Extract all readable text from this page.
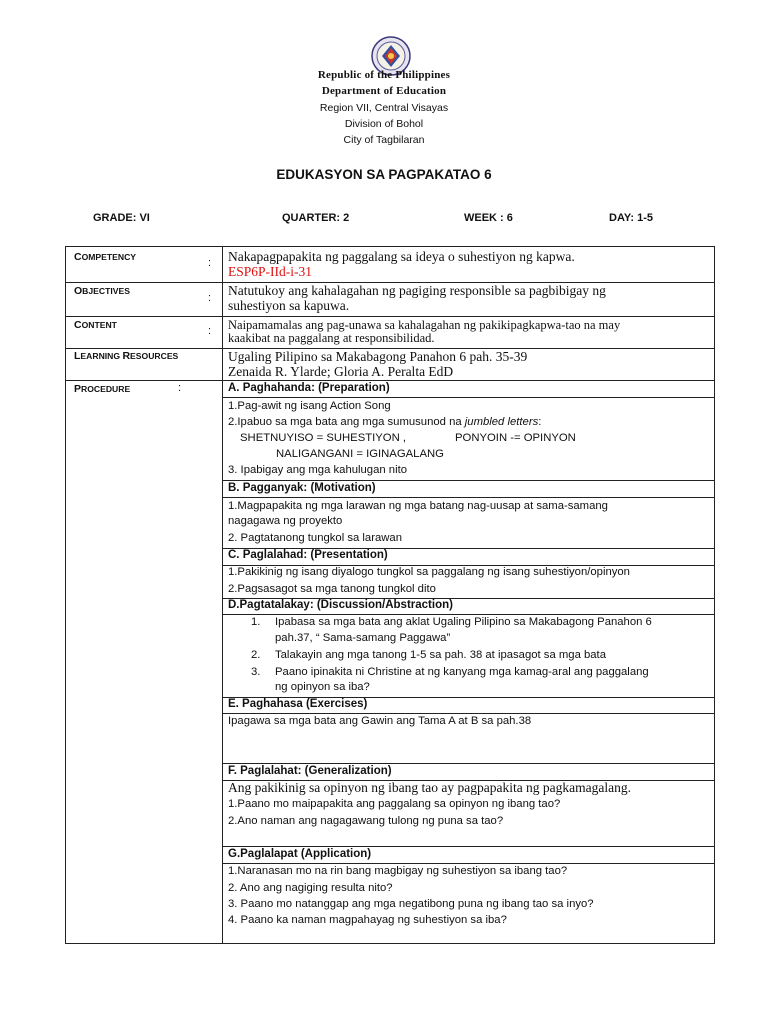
Republic of the Philippines
Department of Education
Region VII, Central Visayas
Division of Bohol
City of Tagbilaran
EDUKASYON SA PAGPAKATAO 6
GRADE: VI	QUARTER: 2	WEEK : 6	DAY: 1-5
COMPETENCY	: Nakapagpapakita ng paggalang sa ideya o suhestiyon ng kapwa.
ESP6P-IId-i-31
OBJECTIVES
: Natutukoy ang kahalagahan ng pagiging responsible sa pagbibigay ng
suhestiyon sa kapuwa.
CONTENT	: Naipamamalas ang pag-unawa sa kahalagahan ng pakikipagkapwa-tao na may
kaakibat na paggalang at responsibilidad.
LEARNING RESOURCES	Ugaling Pilipino sa Makabagong Panahon 6 pah. 35-39
Zenaida R. Ylarde; Gloria A. Peralta EdD
PROCEDURE	:	A. Paghahanda: (Preparation)
1.Pag-awit ng isang Action Song
2.Ipabuo sa mga bata ang mga sumusunod na jumbled letters:
SHETNUYISO = SUHESTIYON ,	PONYOIN -= OPINYON
NALIGANGANI = IGINAGALANG
3. Ipabigay ang mga kahulugan nito
B. Pagganyak: (Motivation)
1.Magpapakita ng mga larawan ng mga batang nag-uusap at sama-samang
nagagawa ng proyekto
2. Pagtatanong tungkol sa larawan
C. Paglalahad: (Presentation)
1.Pakikinig ng isang diyalogo tungkol sa paggalang ng isang suhestiyon/opinyon
2.Pagsasagot sa mga tanong tungkol dito
D.Pagtatalakay: (Discussion/Abstraction)
1. Ipabasa sa mga bata ang aklat Ugaling Pilipino sa Makabagong Panahon 6
pah.37, “ Sama-samang Paggawa”
2. Talakayin ang mga tanong 1-5 sa pah. 38 at ipasagot sa mga bata
3. Paano ipinakita ni Christine at ng kanyang mga kamag-aral ang paggalang
ng opinyon sa iba?
E. Paghahasa (Exercises)
Ipagawa sa mga bata ang Gawin ang Tama A at B sa pah.38
F. Paglalahat: (Generalization)
Ang pakikinig sa opinyon ng ibang tao ay pagpapakita ng pagkamagalang.
1.Paano mo maipapakita ang paggalang sa opinyon ng ibang tao?
2.Ano naman ang nagagawang tulong ng puna sa tao?
G.Paglalapat (Application)
1.Naranasan mo na rin bang magbigay ng suhestiyon sa ibang tao?
2. Ano ang nagiging resulta nito?
3. Paano mo natanggap ang mga negatibong puna ng ibang tao sa inyo?
4. Paano ka naman magpahayag ng suhestiyon sa iba?
